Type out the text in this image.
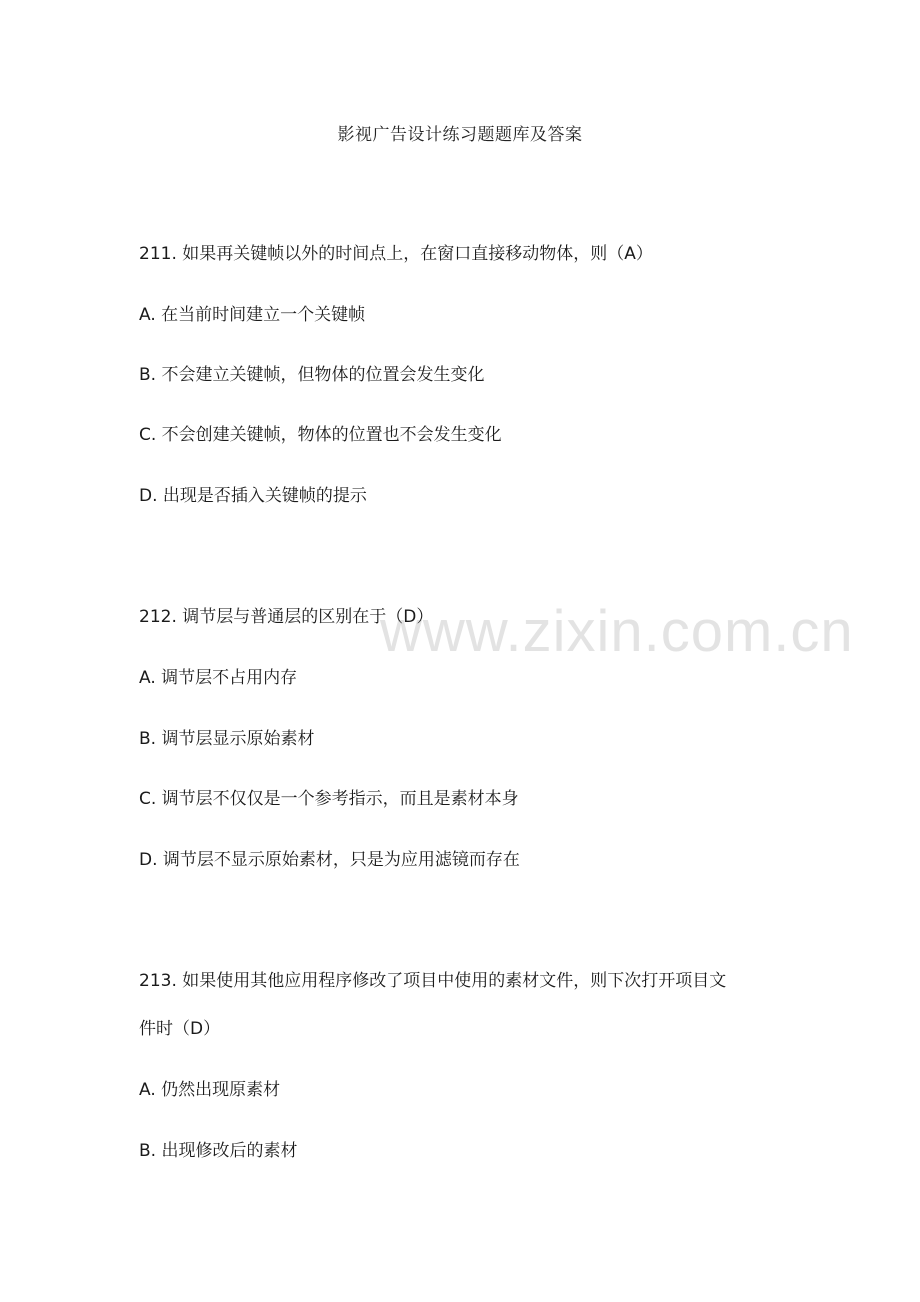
www.zixin.com.cn
影视广告设计练习题题库及答案
211. 如果再关键帧以外的时间点上，在窗口直接移动物体，则（A）
A. 在当前时间建立一个关键帧
B. 不会建立关键帧，但物体的位置会发生变化
C. 不会创建关键帧，物体的位置也不会发生变化
D. 出现是否插入关键帧的提示
212. 调节层与普通层的区别在于（D）
A. 调节层不占用内存
B. 调节层显示原始素材
C. 调节层不仅仅是一个参考指示，而且是素材本身
D. 调节层不显示原始素材，只是为应用滤镜而存在
213. 如果使用其他应用程序修改了项目中使用的素材文件，则下次打开项目文
件时（D）
A. 仍然出现原素材
B. 出现修改后的素材
